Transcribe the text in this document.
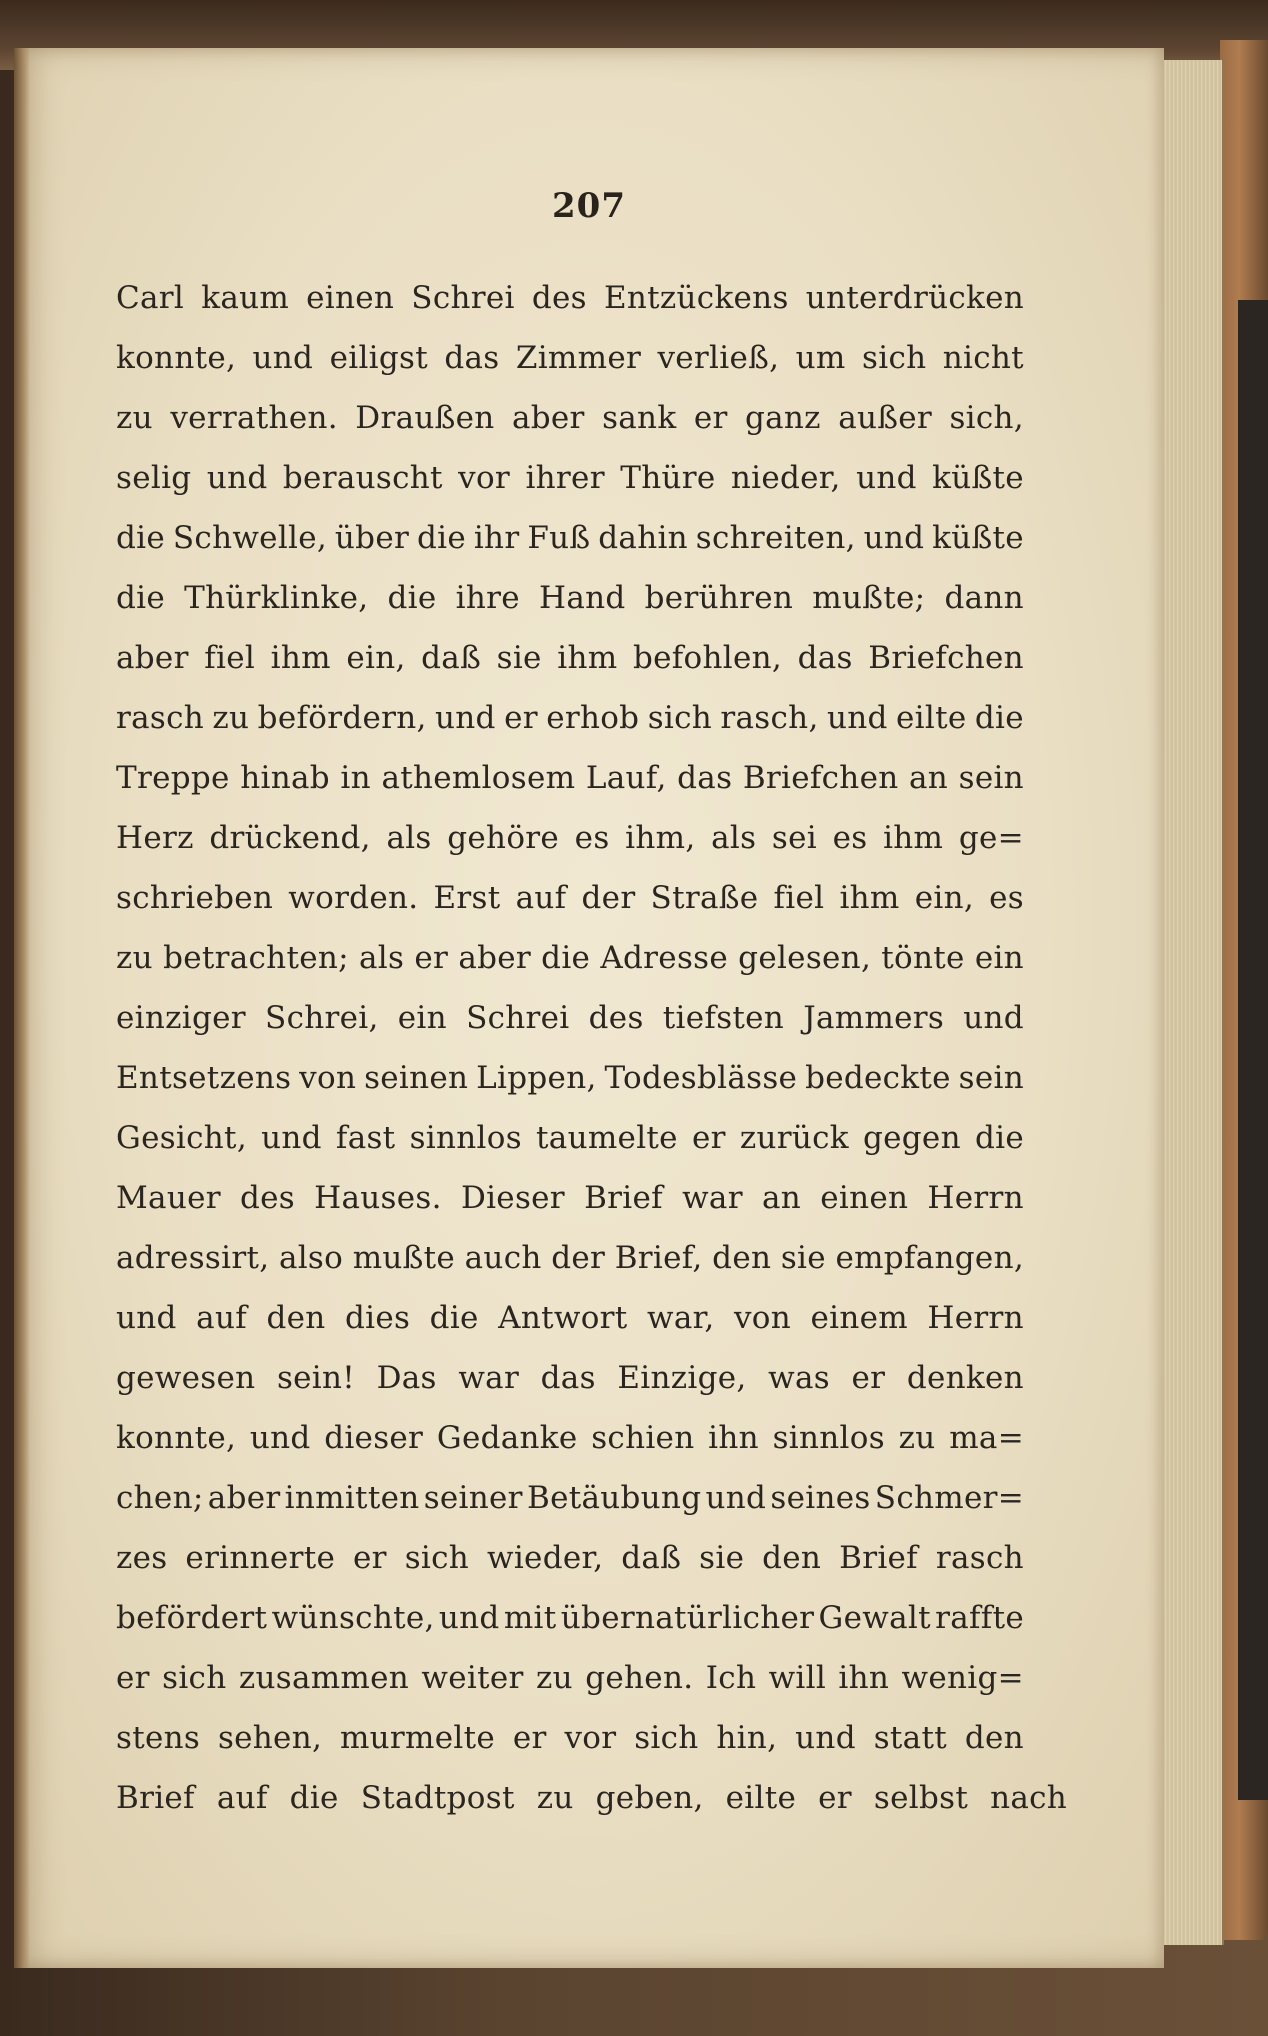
207
Carl kaum einen Schrei des Entzückens unterdrücken
konnte, und eiligst das Zimmer verließ, um sich nicht
zu verrathen. Draußen aber sank er ganz außer sich,
selig und berauscht vor ihrer Thüre nieder, und küßte
die Schwelle, über die ihr Fuß dahin schreiten, und küßte
die Thürklinke, die ihre Hand berühren mußte; dann
aber fiel ihm ein, daß sie ihm befohlen, das Briefchen
rasch zu befördern, und er erhob sich rasch, und eilte die
Treppe hinab in athemlosem Lauf, das Briefchen an sein
Herz drückend, als gehöre es ihm, als sei es ihm ge=
schrieben worden. Erst auf der Straße fiel ihm ein, es
zu betrachten; als er aber die Adresse gelesen, tönte ein
einziger Schrei, ein Schrei des tiefsten Jammers und
Entsetzens von seinen Lippen, Todesblässe bedeckte sein
Gesicht, und fast sinnlos taumelte er zurück gegen die
Mauer des Hauses. Dieser Brief war an einen Herrn
adressirt, also mußte auch der Brief, den sie empfangen,
und auf den dies die Antwort war, von einem Herrn
gewesen sein! Das war das Einzige, was er denken
konnte, und dieser Gedanke schien ihn sinnlos zu ma=
chen; aber inmitten seiner Betäubung und seines Schmer=
zes erinnerte er sich wieder, daß sie den Brief rasch
befördert wünschte, und mit übernatürlicher Gewalt raffte
er sich zusammen weiter zu gehen. Ich will ihn wenig=
stens sehen, murmelte er vor sich hin, und statt den
Brief auf die Stadtpost zu geben, eilte er selbst nach
